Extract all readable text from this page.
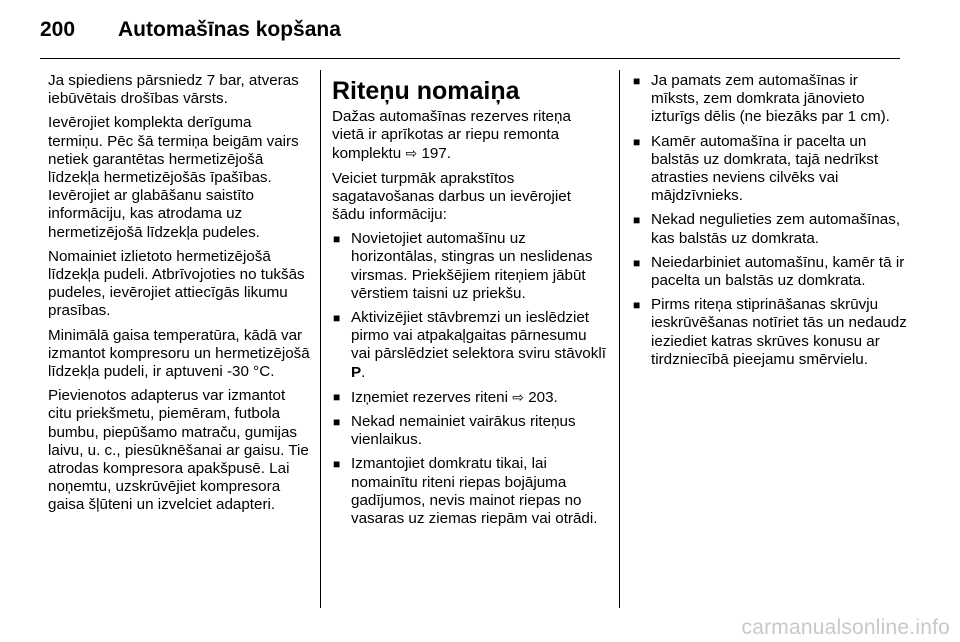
200 Automašīnas kopšana

Ja spiediens pārsniedz 7 bar, atveras iebūvētais drošības vārsts.

Ievērojiet komplekta derīguma termiņu. Pēc šā termiņa beigām vairs netiek garantētas hermetizējošā līdzekļa hermetizējošās īpašības. Ievērojiet ar glabāšanu saistīto informāciju, kas atrodama uz hermetizējošā līdzekļa pudeles.

Nomainiet izlietoto hermetizējošā līdzekļa pudeli. Atbrīvojoties no tukšās pudeles, ievērojiet attiecīgās likumu prasības.

Minimālā gaisa temperatūra, kādā var izmantot kompresoru un hermetizējošā līdzekļa pudeli, ir aptuveni -30 °C.

Pievienotos adapterus var izmantot citu priekšmetu, piemēram, futbola bumbu, piepūšamo matraču, gumijas laivu, u. c., piesūknēšanai ar gaisu. Tie atrodas kompresora apakšpusē. Lai noņemtu, uzskrūvējiet kompresora gaisa šļūteni un izvelciet adapteri.

Riteņu nomaiņa

Dažas automašīnas rezerves riteņa vietā ir aprīkotas ar riepu remonta komplektu ⇨ 197.

Veiciet turpmāk aprakstītos sagatavošanas darbus un ievērojiet šādu informāciju:

■ Novietojiet automašīnu uz horizontālas, stingras un neslidenas virsmas. Priekšējiem riteņiem jābūt vērstiem taisni uz priekšu.
■ Aktivizējiet stāvbremzi un ieslēdziet pirmo vai atpakaļgaitas pārnesumu vai pārslēdziet selektora sviru stāvoklī P.
■ Izņemiet rezerves riteni ⇨ 203.
■ Nekad nemainiet vairākus riteņus vienlaikus.
■ Izmantojiet domkratu tikai, lai nomainītu riteni riepas bojājuma gadījumos, nevis mainot riepas no vasaras uz ziemas riepām vai otrādi.
■ Ja pamats zem automašīnas ir mīksts, zem domkrata jānovieto izturīgs dēlis (ne biezāks par 1 cm).
■ Kamēr automašīna ir pacelta un balstās uz domkrata, tajā nedrīkst atrasties neviens cilvēks vai mājdzīvnieks.
■ Nekad negulieties zem automašīnas, kas balstās uz domkrata.
■ Neiedarbiniet automašīnu, kamēr tā ir pacelta un balstās uz domkrata.
■ Pirms riteņa stiprināšanas skrūvju ieskrūvēšanas notīriet tās un nedaudz ieziediet katras skrūves konusu ar tirdzniecībā pieejamu smērvielu.
carmanualsonline.info
